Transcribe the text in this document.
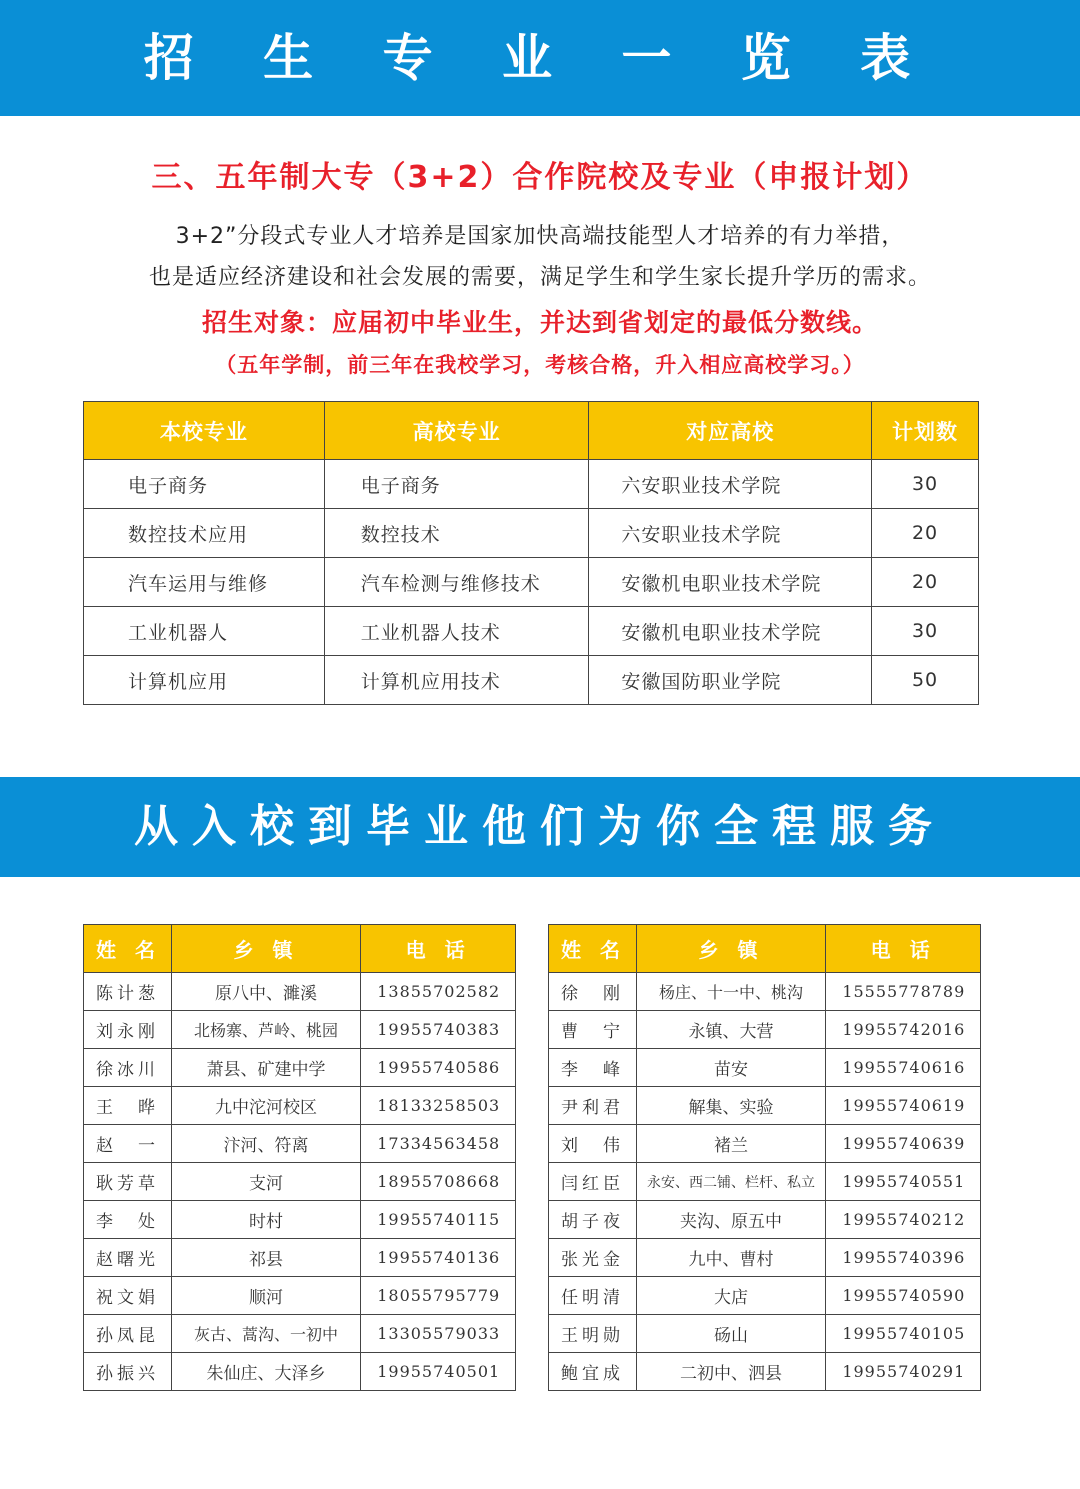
招 生 专 业 一 览 表
三、五年制大专（3+2）合作院校及专业（申报计划）
3+2”分段式专业人才培养是国家加快高端技能型人才培养的有力举措，
也是适应经济建设和社会发展的需要，满足学生和学生家长提升学历的需求。
招生对象：应届初中毕业生，并达到省划定的最低分数线。
（五年学制，前三年在我校学习，考核合格，升入相应高校学习。）
本校专业	高校专业	对应高校	计划数
电子商务	电子商务	六安职业技术学院	30
数控技术应用	数控技术	六安职业技术学院	20
汽车运用与维修	汽车检测与维修技术	安徽机电职业技术学院	20
工业机器人	工业机器人技术	安徽机电职业技术学院	30
计算机应用	计算机应用技术	安徽国防职业学院	50
从入校到毕业他们为你全程服务
姓 名	乡 镇	电 话
陈计葱	原八中、濉溪	13855702582
刘永刚	北杨寨、芦岭、桃园	19955740383
徐冰川	萧县、矿建中学	19955740586
王　晔	九中沱河校区	18133258503
赵　一	汴河、符离	17334563458
耿芳草	支河	18955708668
李　处	时村	19955740115
赵曙光	祁县	19955740136
祝文娟	顺河	18055795779
孙凤昆	灰古、蒿沟、一初中	13305579033
孙振兴	朱仙庄、大泽乡	19955740501
姓 名	乡 镇	电 话
徐　刚	杨庄、十一中、桃沟	15555778789
曹　宁	永镇、大营	19955742016
李　峰	苗安	19955740616
尹利君	解集、实验	19955740619
刘　伟	褚兰	19955740639
闫红臣	永安、西二铺、栏杆、私立	19955740551
胡子夜	夹沟、原五中	19955740212
张光金	九中、曹村	19955740396
任明清	大店	19955740590
王明勋	砀山	19955740105
鲍宜成	二初中、泗县	19955740291
